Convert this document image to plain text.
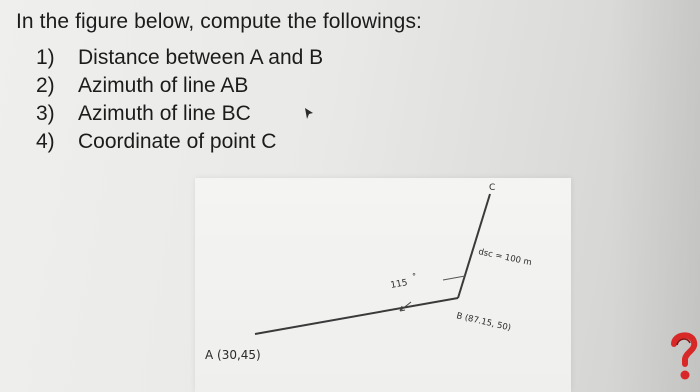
In the figure below, compute the followings:
1) Distance between A and B
2) Azimuth of line AB
3) Azimuth of line BC
4) Coordinate of point C
C
dsc = 100 m
115
°
B (87.15, 50)
A (30,45)
